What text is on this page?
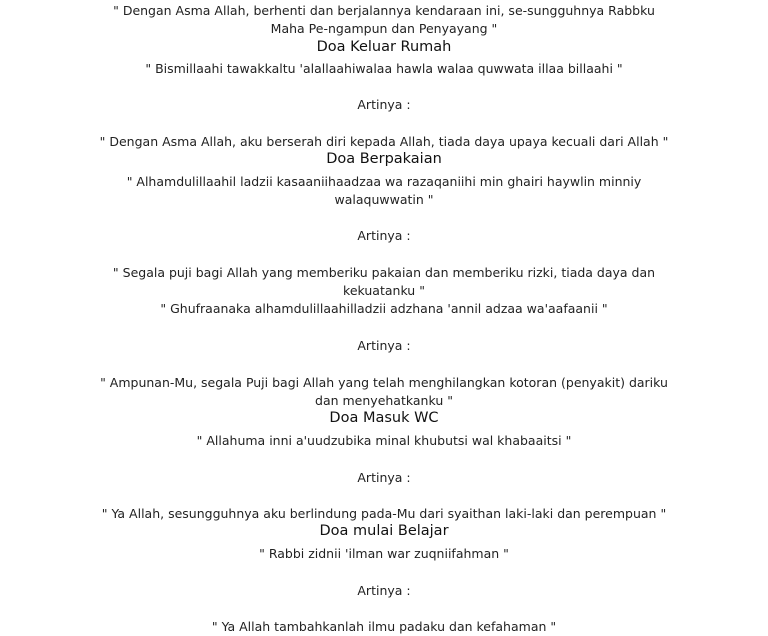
" Dengan Asma Allah, berhenti dan berjalannya kendaraan ini, se-sungguhnya Rabbku
Maha Pe-ngampun dan Penyayang "
Doa Keluar Rumah
" Bismillaahi tawakkaltu 'alallaahiwalaa hawla walaa quwwata illaa billaahi "
Artinya :
" Dengan Asma Allah, aku berserah diri kepada Allah, tiada daya upaya kecuali dari Allah "
Doa Berpakaian
" Alhamdulillaahil ladzii kasaaniihaadzaa wa razaqaniihi min ghairi haywlin minniy
walaquwwatin "
Artinya :
" Segala puji bagi Allah yang memberiku pakaian dan memberiku rizki, tiada daya dan
kekuatanku "
" Ghufraanaka alhamdulillaahilladzii adzhana 'annil adzaa wa'aafaanii "
Artinya :
" Ampunan-Mu, segala Puji bagi Allah yang telah menghilangkan kotoran (penyakit) dariku
dan menyehatkanku "
Doa Masuk WC
" Allahuma inni a'uudzubika minal khubutsi wal khabaaitsi "
Artinya :
" Ya Allah, sesungguhnya aku berlindung pada-Mu dari syaithan laki-laki dan perempuan "
Doa mulai Belajar
" Rabbi zidnii 'ilman war zuqniifahman "
Artinya :
" Ya Allah tambahkanlah ilmu padaku dan kefahaman "
